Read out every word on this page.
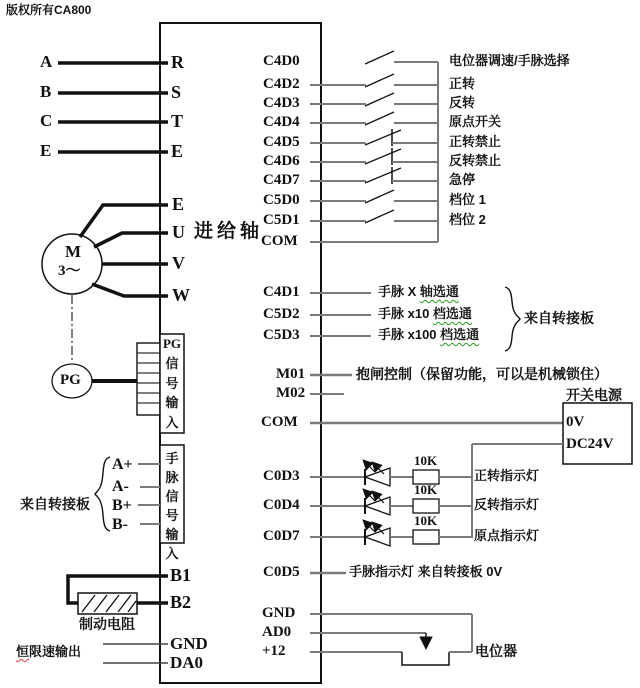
版权所有CA800
A
B
C
E
R
S
T
E
M
3～
E
U
V
W
进给轴
PG
PG
信
号
输
入
手
脉
信
号
输
入
A+
A-
B+
B-
来自转接板
B1
B2
制动电阻
GND
DA0
恒限速输出
C4D0
C4D2
C4D3
C4D4
C4D5
C4D6
C4D7
C5D0
C5D1
COM
电位器调速/手脉选择
正转
反转
原点开关
正转禁止
反转禁止
急停
档位 1
档位 2
C4D1
C5D2
C5D3
手脉 X 轴选通
手脉 x10 档选通
手脉 x100 档选通
来自转接板
M01
M02
抱闸控制（保留功能，可以是机械锁住）
COM
开关电源
0V
DC24V
C0D3
C0D4
C0D7
10K
10K
10K
正转指示灯
反转指示灯
原点指示灯
C0D5	手脉指示灯 来自转接板 0V
GND
AD0
+12	电位器
